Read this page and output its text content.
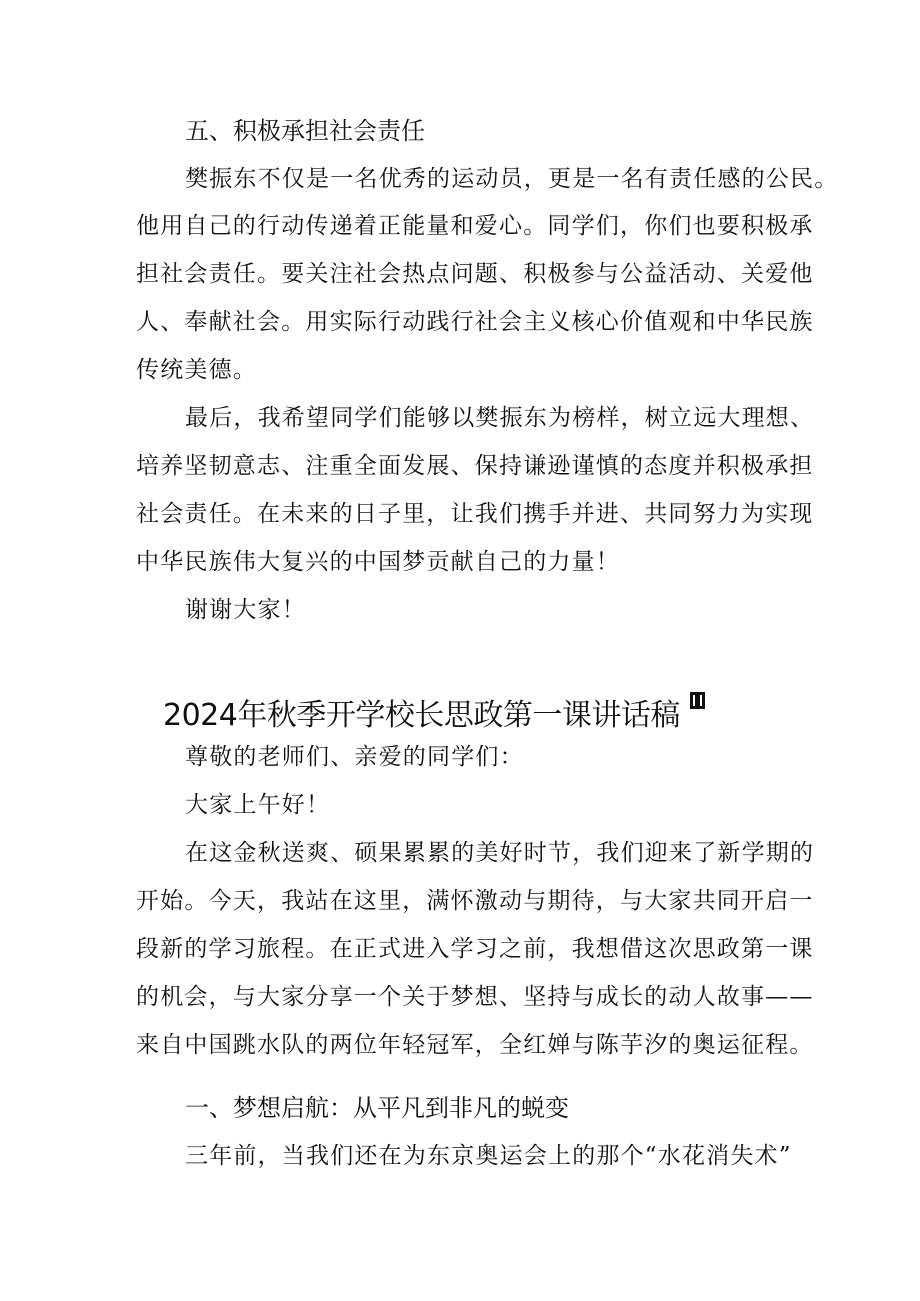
五、积极承担社会责任
樊振东不仅是一名优秀的运动员，更是一名有责任感的公民。
他用自己的行动传递着正能量和爱心。同学们，你们也要积极承
担社会责任。要关注社会热点问题、积极参与公益活动、关爱他
人、奉献社会。用实际行动践行社会主义核心价值观和中华民族
传统美德。
最后，我希望同学们能够以樊振东为榜样，树立远大理想、
培养坚韧意志、注重全面发展、保持谦逊谨慎的态度并积极承担
社会责任。在未来的日子里，让我们携手并进、共同努力为实现
中华民族伟大复兴的中国梦贡献自己的力量！
谢谢大家！
2024年秋季开学校长思政第一课讲话稿
尊敬的老师们、亲爱的同学们：
大家上午好！
在这金秋送爽、硕果累累的美好时节，我们迎来了新学期的
开始。今天，我站在这里，满怀激动与期待，与大家共同开启一
段新的学习旅程。在正式进入学习之前，我想借这次思政第一课
的机会，与大家分享一个关于梦想、坚持与成长的动人故事——
来自中国跳水队的两位年轻冠军，全红婵与陈芋汐的奥运征程。
一、梦想启航：从平凡到非凡的蜕变
三年前，当我们还在为东京奥运会上的那个“水花消失术”
